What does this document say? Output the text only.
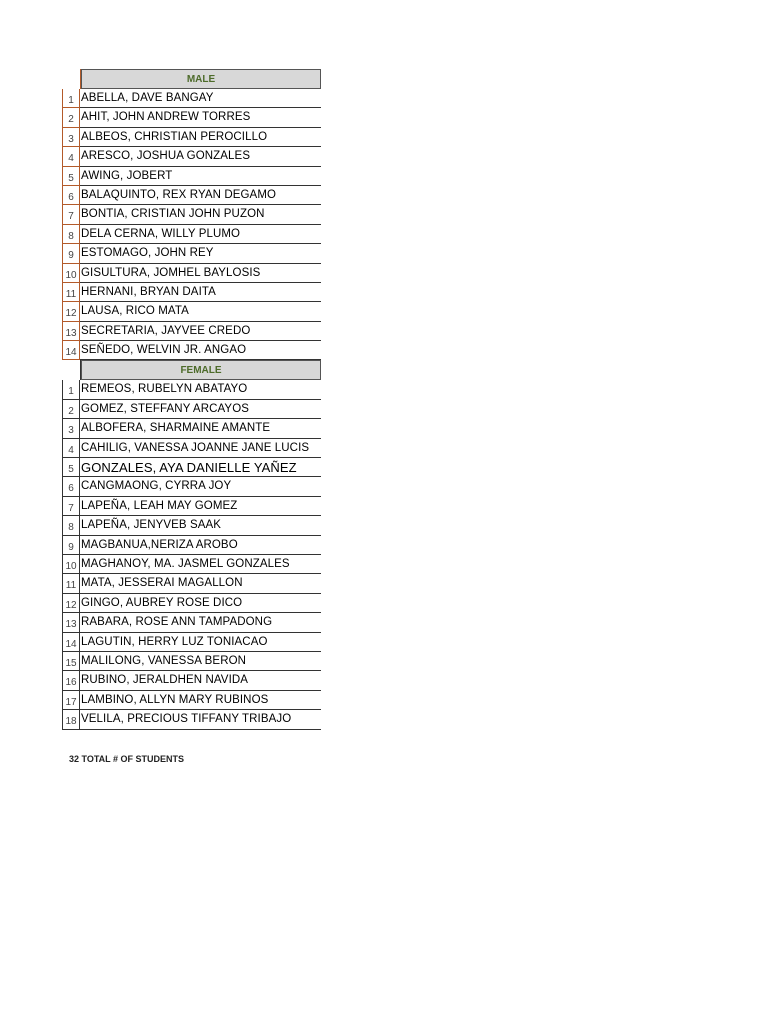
MALE
1 ABELLA, DAVE BANGAY
2 AHIT, JOHN ANDREW TORRES
3 ALBEOS, CHRISTIAN PEROCILLO
4 ARESCO, JOSHUA GONZALES
5 AWING, JOBERT
6 BALAQUINTO, REX RYAN DEGAMO
7 BONTIA, CRISTIAN JOHN PUZON
8 DELA CERNA, WILLY PLUMO
9 ESTOMAGO, JOHN REY
10 GISULTURA, JOMHEL BAYLOSIS
11 HERNANI, BRYAN DAITA
12 LAUSA, RICO MATA
13 SECRETARIA, JAYVEE CREDO
14 SEÑEDO, WELVIN JR. ANGAO
FEMALE
1 REMEOS, RUBELYN ABATAYO
2 GOMEZ, STEFFANY ARCAYOS
3 ALBOFERA, SHARMAINE AMANTE
4 CAHILIG, VANESSA JOANNE JANE LUCIS
5 GONZALES, AYA DANIELLE YAÑEZ
6 CANGMAONG, CYRRA JOY
7 LAPEÑA, LEAH MAY GOMEZ
8 LAPEÑA, JENYVEB SAAK
9 MAGBANUA,NERIZA AROBO
10 MAGHANOY, MA. JASMEL GONZALES
11 MATA, JESSERAI MAGALLON
12 GINGO, AUBREY ROSE DICO
13 RABARA, ROSE ANN TAMPADONG
14 LAGUTIN, HERRY LUZ TONIACAO
15 MALILONG, VANESSA BERON
16 RUBINO, JERALDHEN NAVIDA
17 LAMBINO, ALLYN MARY RUBINOS
18 VELILA, PRECIOUS TIFFANY TRIBAJO
32 TOTAL # OF STUDENTS
